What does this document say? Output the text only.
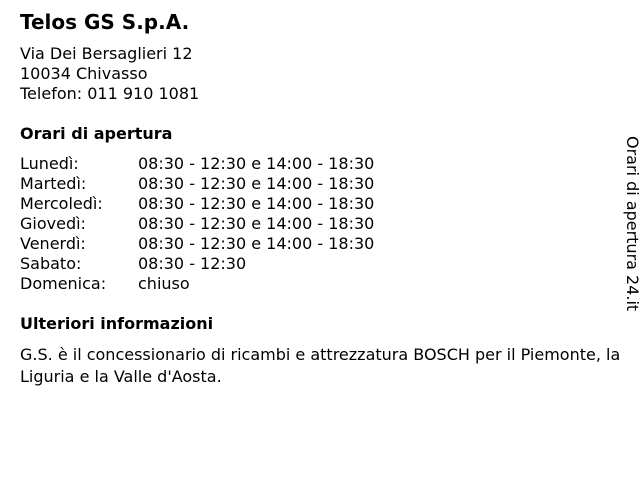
Telos GS S.p.A.
Via Dei Bersaglieri 12
10034 Chivasso
Telefon: 011 910 1081
Orari di apertura
Lunedì:	08:30 - 12:30 e 14:00 - 18:30
Martedì:	08:30 - 12:30 e 14:00 - 18:30
Mercoledì: 08:30 - 12:30 e 14:00 - 18:30
Giovedì:	08:30 - 12:30 e 14:00 - 18:30
Venerdì:	08:30 - 12:30 e 14:00 - 18:30
Sabato:	08:30 - 12:30
Domenica: chiuso
Ulteriori informazioni
G.S. è il concessionario di ricambi e attrezzatura BOSCH per il Piemonte, la Liguria e la Valle d'Aosta.
Orari di apertura 24.it
